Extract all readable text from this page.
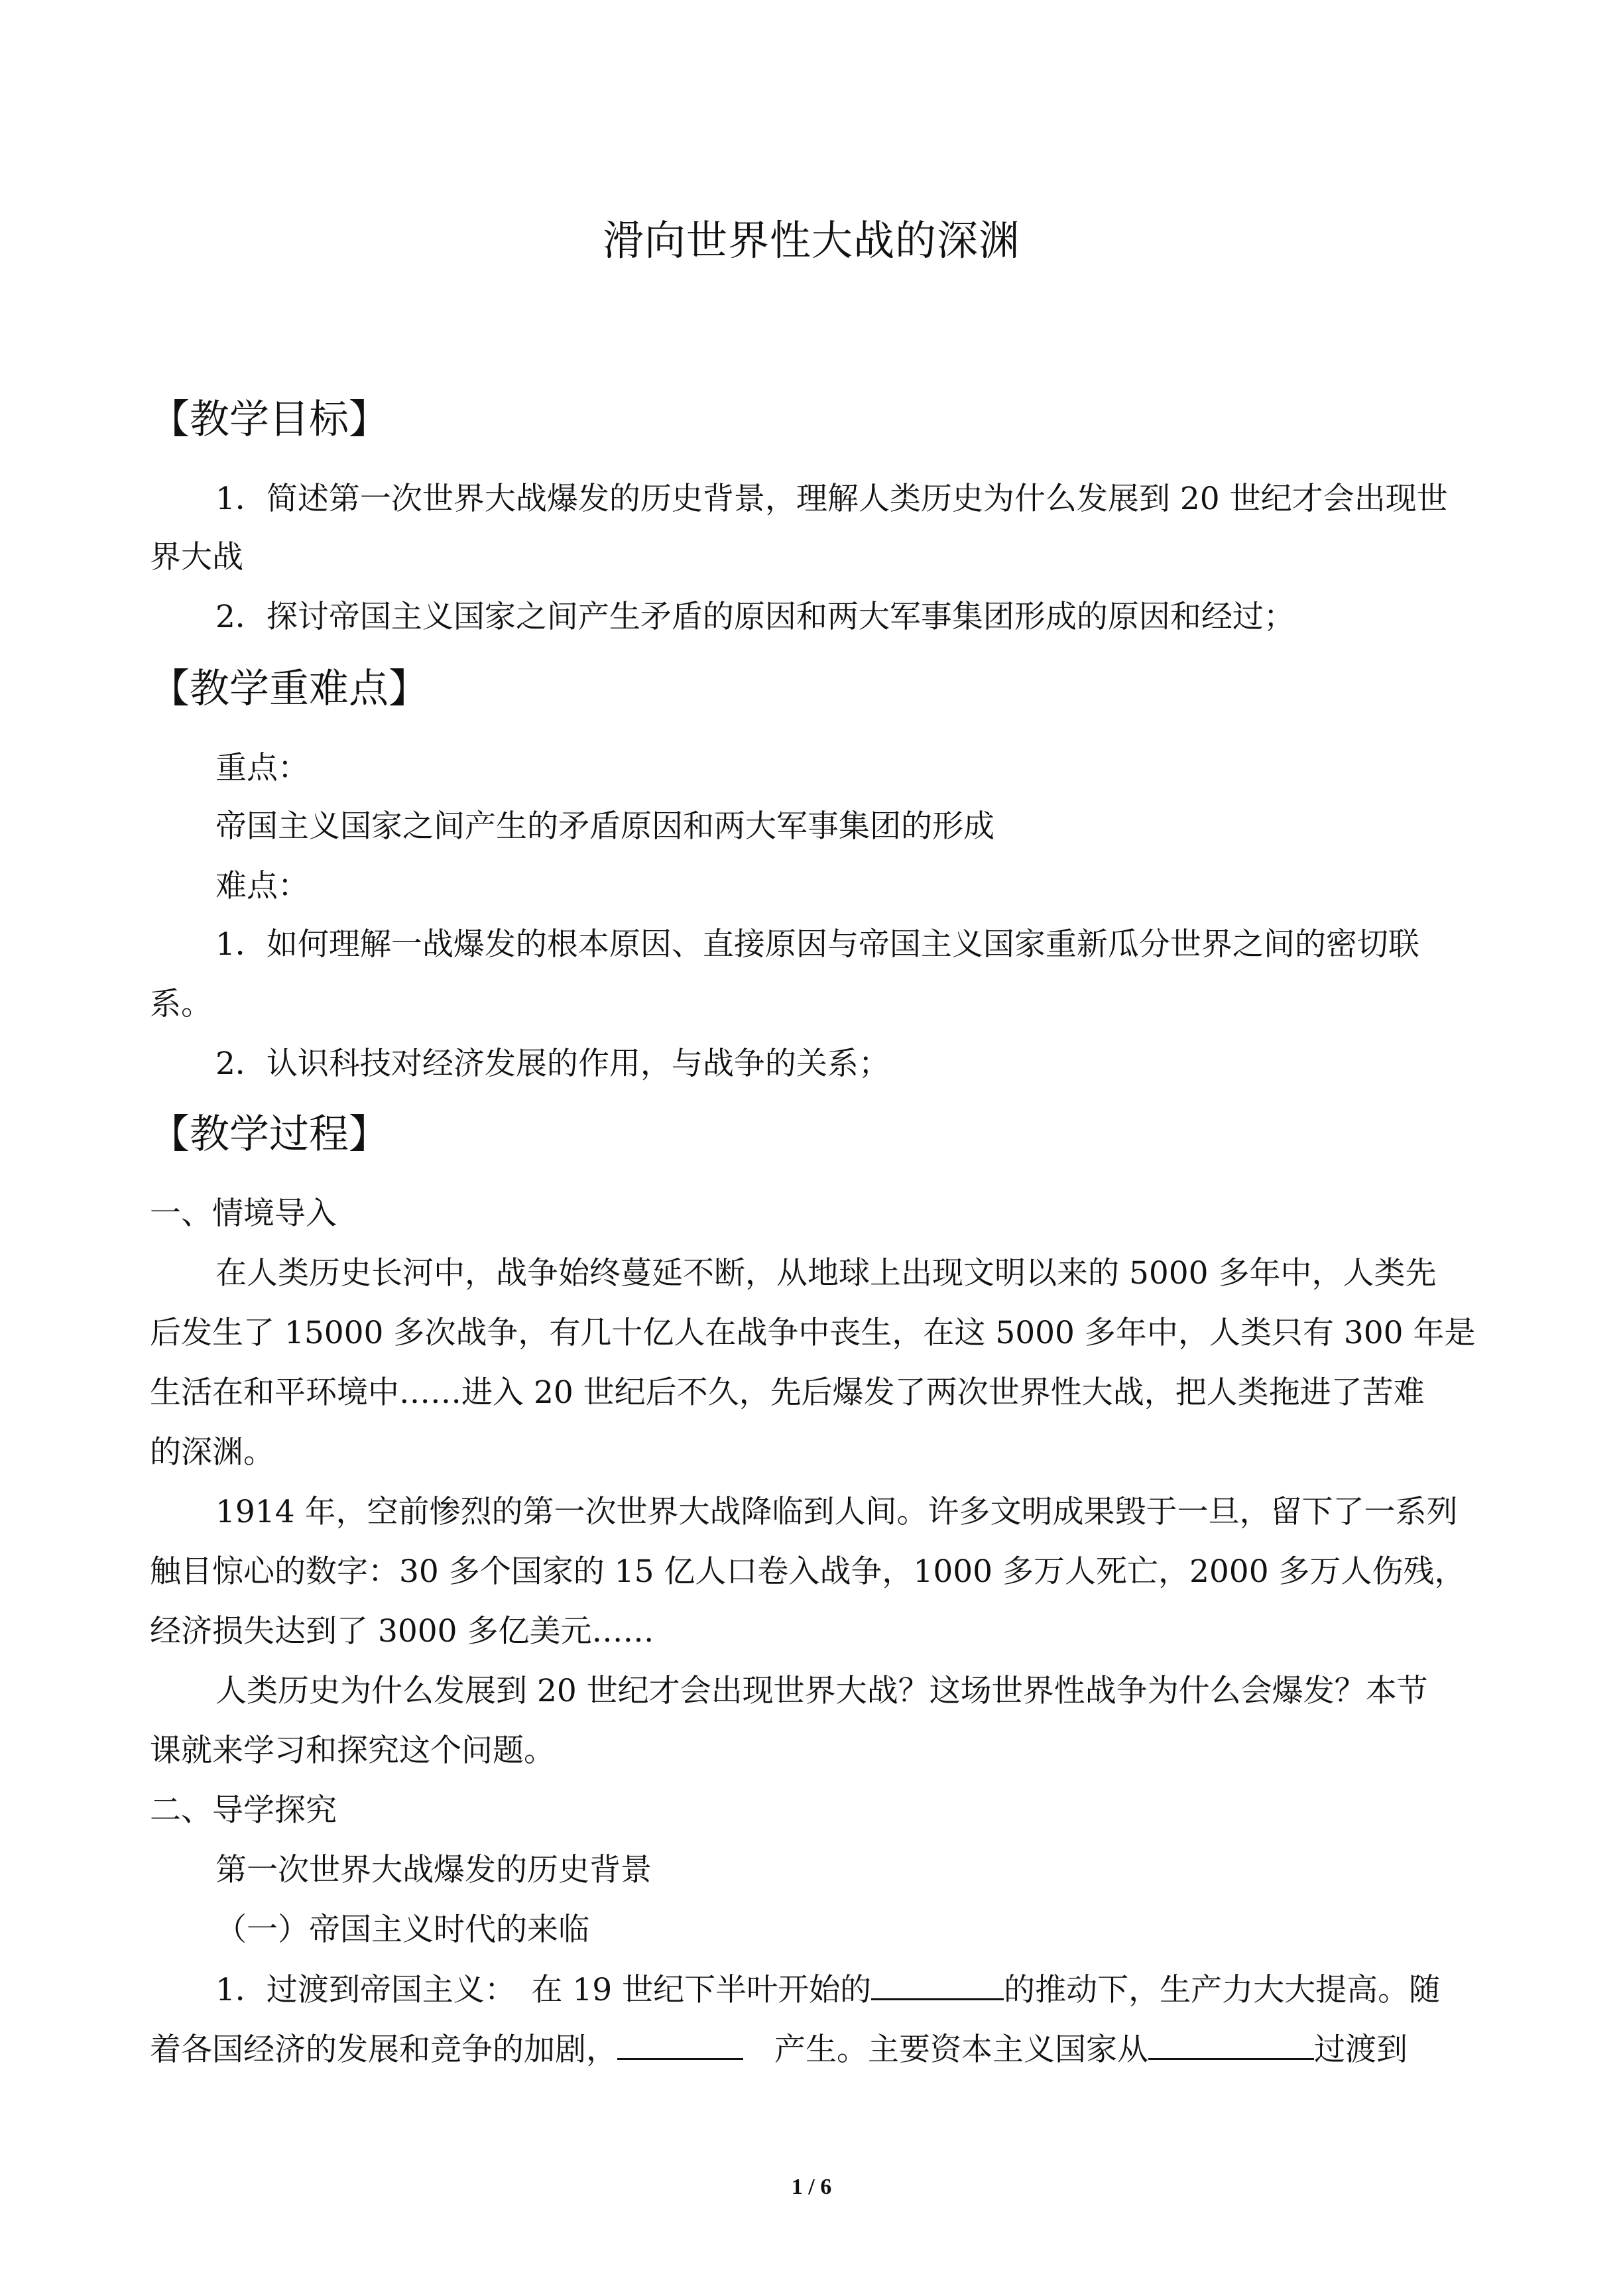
滑向世界性大战的深渊
【教学目标】
1．简述第一次世界大战爆发的历史背景，理解人类历史为什么发展到 20 世纪才会出现世
界大战
2．探讨帝国主义国家之间产生矛盾的原因和两大军事集团形成的原因和经过；
【教学重难点】
重点：
帝国主义国家之间产生的矛盾原因和两大军事集团的形成
难点：
1．如何理解一战爆发的根本原因、直接原因与帝国主义国家重新瓜分世界之间的密切联
系。
2．认识科技对经济发展的作用，与战争的关系；
【教学过程】
一、情境导入
在人类历史长河中，战争始终蔓延不断，从地球上出现文明以来的 5000 多年中，人类先
后发生了 15000 多次战争，有几十亿人在战争中丧生，在这 5000 多年中，人类只有 300 年是
生活在和平环境中……进入 20 世纪后不久，先后爆发了两次世界性大战，把人类拖进了苦难
的深渊。
1914 年，空前惨烈的第一次世界大战降临到人间。许多文明成果毁于一旦，留下了一系列
触目惊心的数字：30 多个国家的 15 亿人口卷入战争，1000 多万人死亡，2000 多万人伤残，
经济损失达到了 3000 多亿美元……
人类历史为什么发展到 20 世纪才会出现世界大战？这场世界性战争为什么会爆发？本节
课就来学习和探究这个问题。
二、导学探究
第一次世界大战爆发的历史背景
（一）帝国主义时代的来临
1．过渡到帝国主义：　在 19 世纪下半叶开始的	的推动下，生产力大大提高。随
着各国经济的发展和竞争的加剧，	　产生。主要资本主义国家从	过渡到
1 / 6
